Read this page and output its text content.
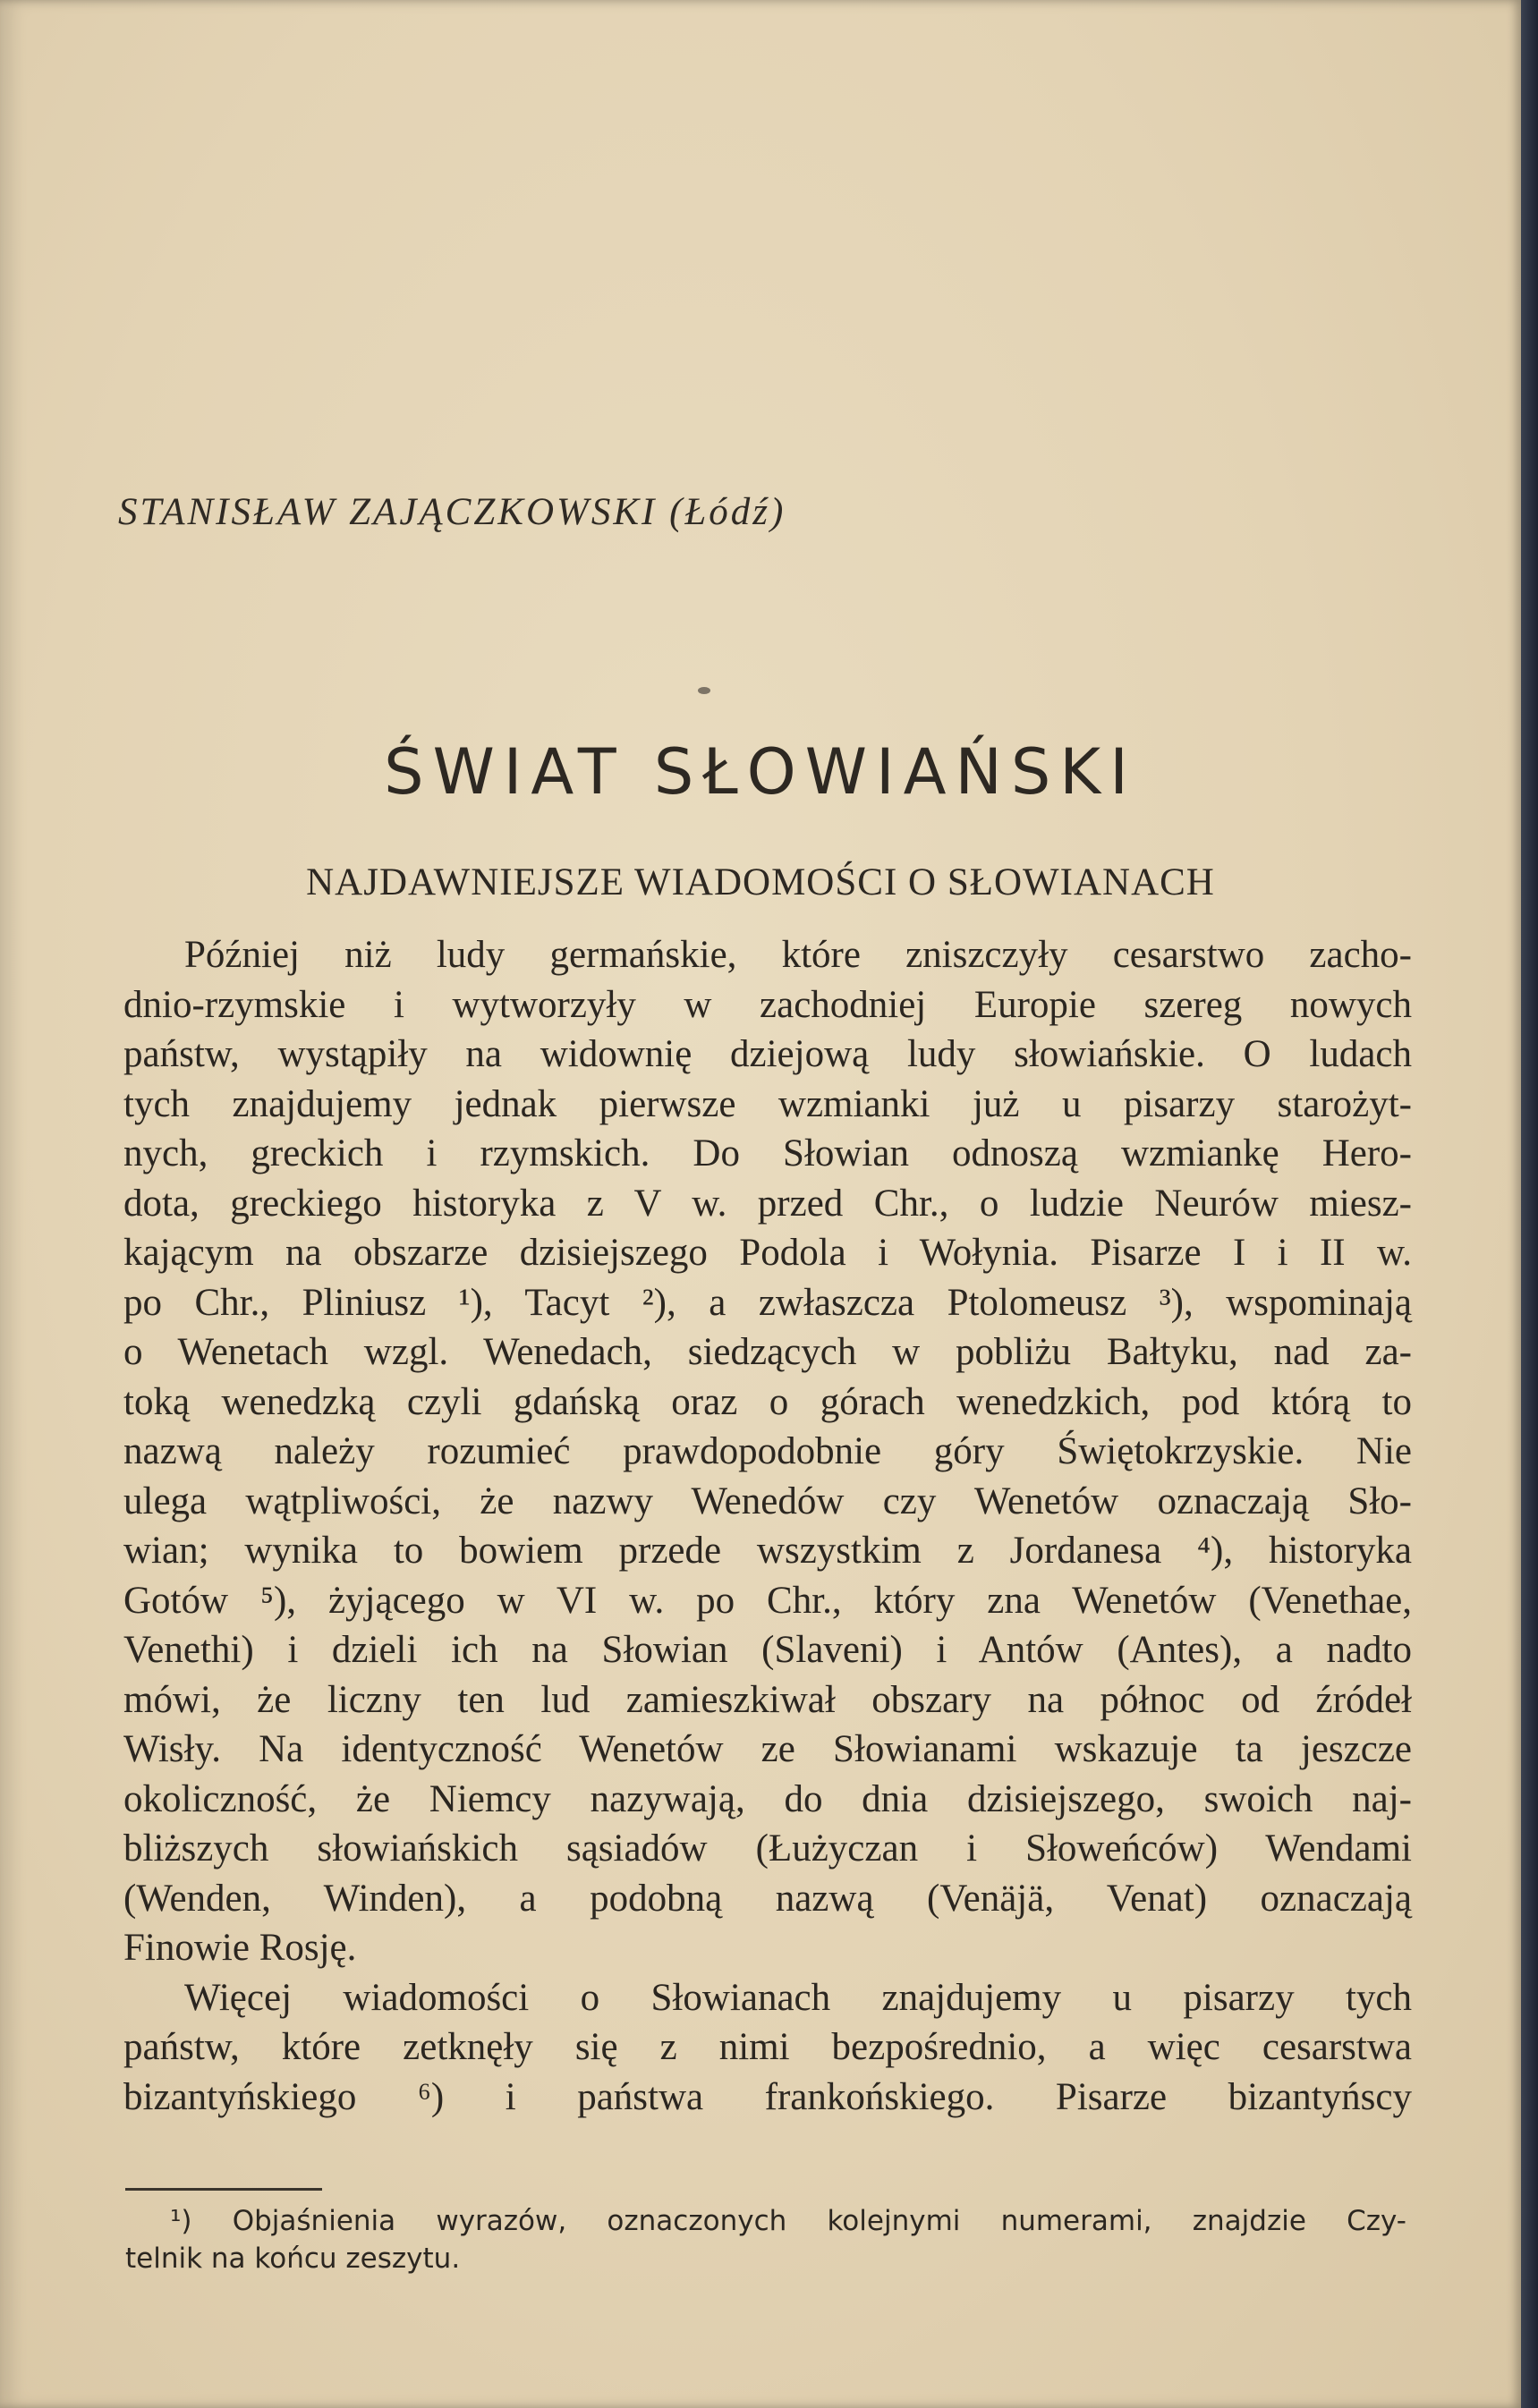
STANISŁAW ZAJĄCZKOWSKI (Łódź)
ŚWIAT SŁOWIAŃSKI
NAJDAWNIEJSZE WIADOMOŚCI O SŁOWIANACH
Później niż ludy germańskie, które zniszczyły cesarstwo zacho-
dnio-rzymskie i wytworzyły w zachodniej Europie szereg nowych
państw, wystąpiły na widownię dziejową ludy słowiańskie. O ludach
tych znajdujemy jednak pierwsze wzmianki już u pisarzy starożyt-
nych, greckich i rzymskich. Do Słowian odnoszą wzmiankę Hero-
dota, greckiego historyka z V w. przed Chr., o ludzie Neurów miesz-
kającym na obszarze dzisiejszego Podola i Wołynia. Pisarze I i II w.
po Chr., Pliniusz ¹), Tacyt ²), a zwłaszcza Ptolomeusz ³), wspominają
o Wenetach wzgl. Wenedach, siedzących w pobliżu Bałtyku, nad za-
toką wenedzką czyli gdańską oraz o górach wenedzkich, pod którą to
nazwą należy rozumieć prawdopodobnie góry Świętokrzyskie. Nie
ulega wątpliwości, że nazwy Wenedów czy Wenetów oznaczają Sło-
wian; wynika to bowiem przede wszystkim z Jordanesa ⁴), historyka
Gotów ⁵), żyjącego w VI w. po Chr., który zna Wenetów (Venethae,
Venethi) i dzieli ich na Słowian (Slaveni) i Antów (Antes), a nadto
mówi, że liczny ten lud zamieszkiwał obszary na północ od źródeł
Wisły. Na identyczność Wenetów ze Słowianami wskazuje ta jeszcze
okoliczność, że Niemcy nazywają, do dnia dzisiejszego, swoich naj-
bliższych słowiańskich sąsiadów (Łużyczan i Słoweńców) Wendami
(Wenden, Winden), a podobną nazwą (Venäjä, Venat) oznaczają
Finowie Rosję.
Więcej wiadomości o Słowianach znajdujemy u pisarzy tych
państw, które zetknęły się z nimi bezpośrednio, a więc cesarstwa
bizantyńskiego ⁶) i państwa frankońskiego. Pisarze bizantyńscy
¹) Objaśnienia wyrazów, oznaczonych kolejnymi numerami, znajdzie Czy-
telnik na końcu zeszytu.
